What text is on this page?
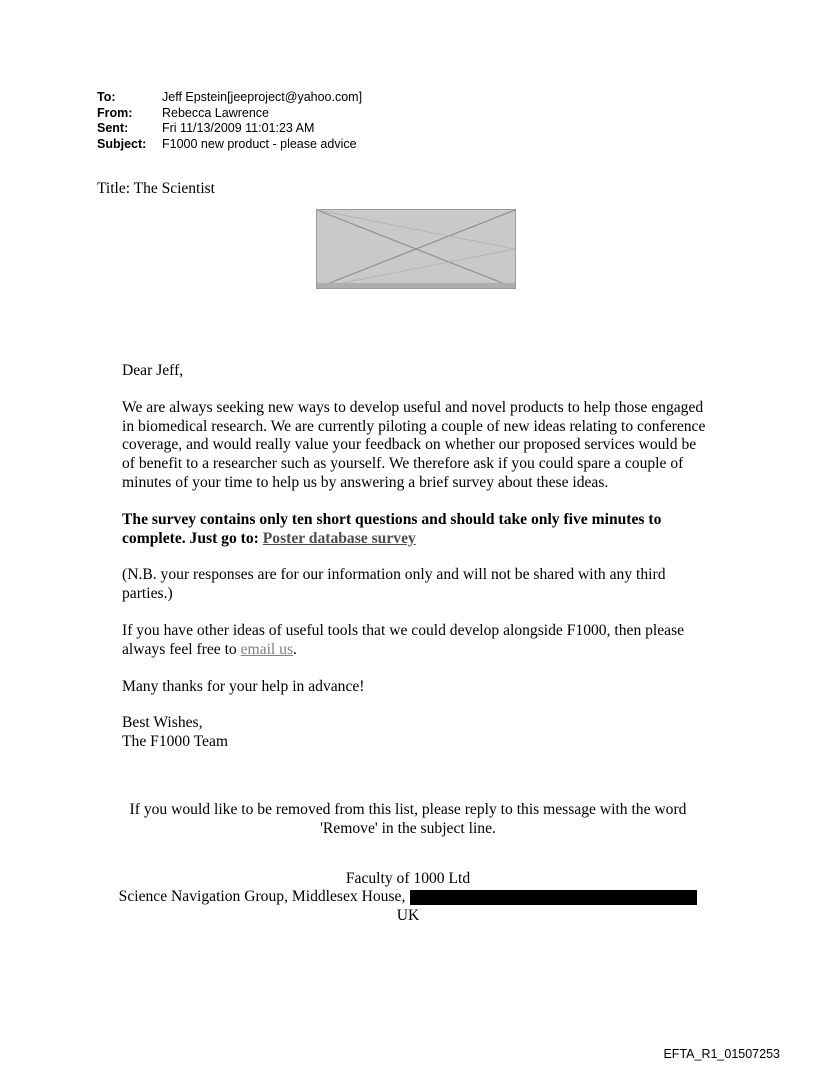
To:	Jeff Epstein[jeeproject@yahoo.com]
From:	Rebecca Lawrence
Sent:	Fri 11/13/2009 11:01:23 AM
Subject:	F1000 new product - please advice
Title: The Scientist

Dear Jeff,

We are always seeking new ways to develop useful and novel products to help those engaged in biomedical research. We are currently piloting a couple of new ideas relating to conference coverage, and would really value your feedback on whether our proposed services would be of benefit to a researcher such as yourself. We therefore ask if you could spare a couple of minutes of your time to help us by answering a brief survey about these ideas.

The survey contains only ten short questions and should take only five minutes to complete. Just go to: Poster database survey

(N.B. your responses are for our information only and will not be shared with any third parties.)

If you have other ideas of useful tools that we could develop alongside F1000, then please always feel free to email us.

Many thanks for your help in advance!

Best Wishes,

The F1000 Team

If you would like to be removed from this list, please reply to this message with the word 'Remove' in the subject line.
Faculty of 1000 Ltd
Science Navigation Group, Middlesex House,
UK
EFTA_R1_01507253
